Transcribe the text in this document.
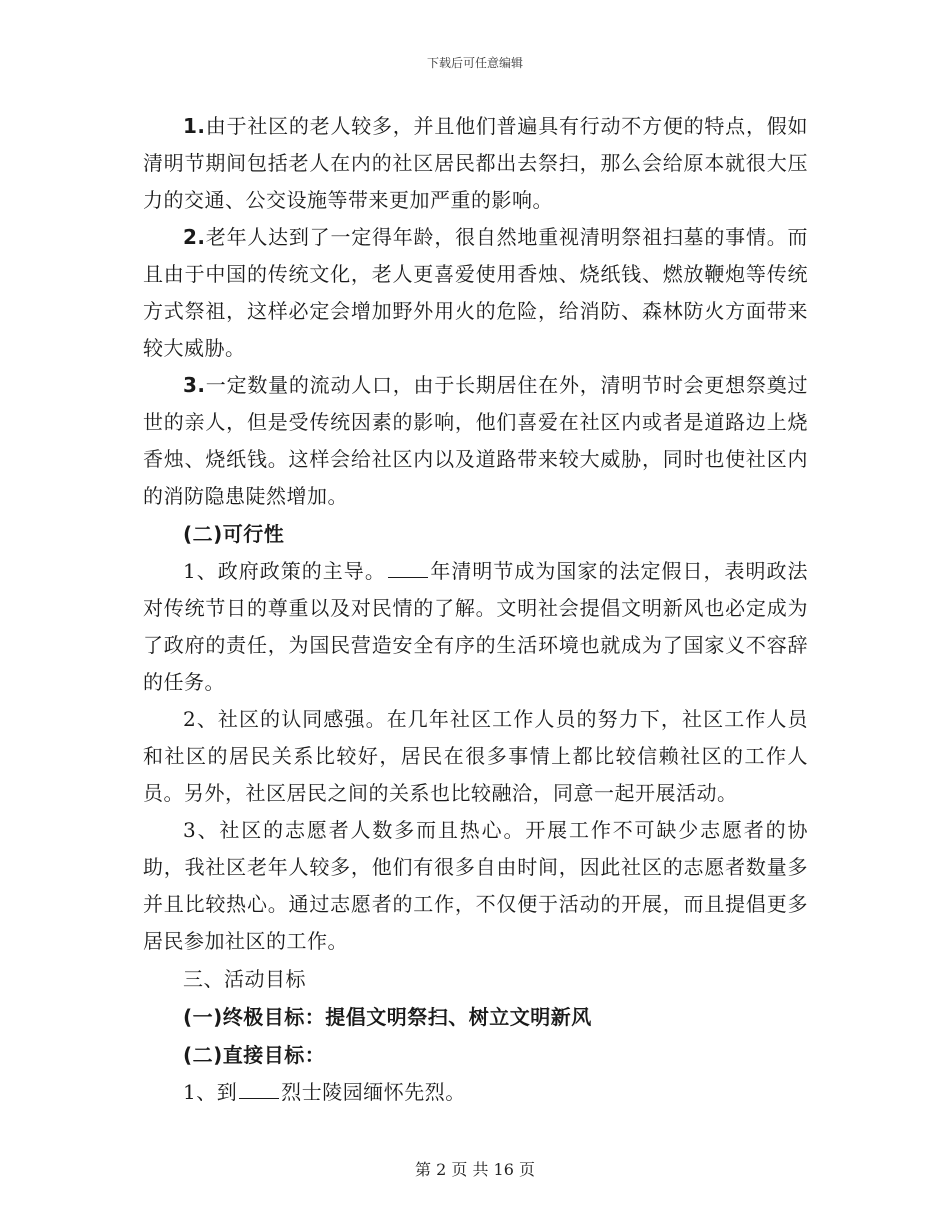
下载后可任意编辑

1.由于社区的老人较多，并且他们普遍具有行动不方便的特点，假如清明节期间包括老人在内的社区居民都出去祭扫，那么会给原本就很大压力的交通、公交设施等带来更加严重的影响。

2.老年人达到了一定得年龄，很自然地重视清明祭祖扫墓的事情。而且由于中国的传统文化，老人更喜爱使用香烛、烧纸钱、燃放鞭炮等传统方式祭祖，这样必定会增加野外用火的危险，给消防、森林防火方面带来较大威胁。

3.一定数量的流动人口，由于长期居住在外，清明节时会更想祭奠过世的亲人，但是受传统因素的影响，他们喜爱在社区内或者是道路边上烧香烛、烧纸钱。这样会给社区内以及道路带来较大威胁，同时也使社区内的消防隐患陡然增加。

(二)可行性

1、政府政策的主导。 年清明节成为国家的法定假日，表明政法对传统节日的尊重以及对民情的了解。文明社会提倡文明新风也必定成为了政府的责任，为国民营造安全有序的生活环境也就成为了国家义不容辞的任务。

2、社区的认同感强。在几年社区工作人员的努力下，社区工作人员和社区的居民关系比较好，居民在很多事情上都比较信赖社区的工作人员。另外，社区居民之间的关系也比较融洽，同意一起开展活动。

3、社区的志愿者人数多而且热心。开展工作不可缺少志愿者的协助，我社区老年人较多，他们有很多自由时间，因此社区的志愿者数量多并且比较热心。通过志愿者的工作，不仅便于活动的开展，而且提倡更多居民参加社区的工作。

三、活动目标

(一)终极目标：提倡文明祭扫、树立文明新风

(二)直接目标：

1、到 烈士陵园缅怀先烈。

第 2 页 共 16 页
